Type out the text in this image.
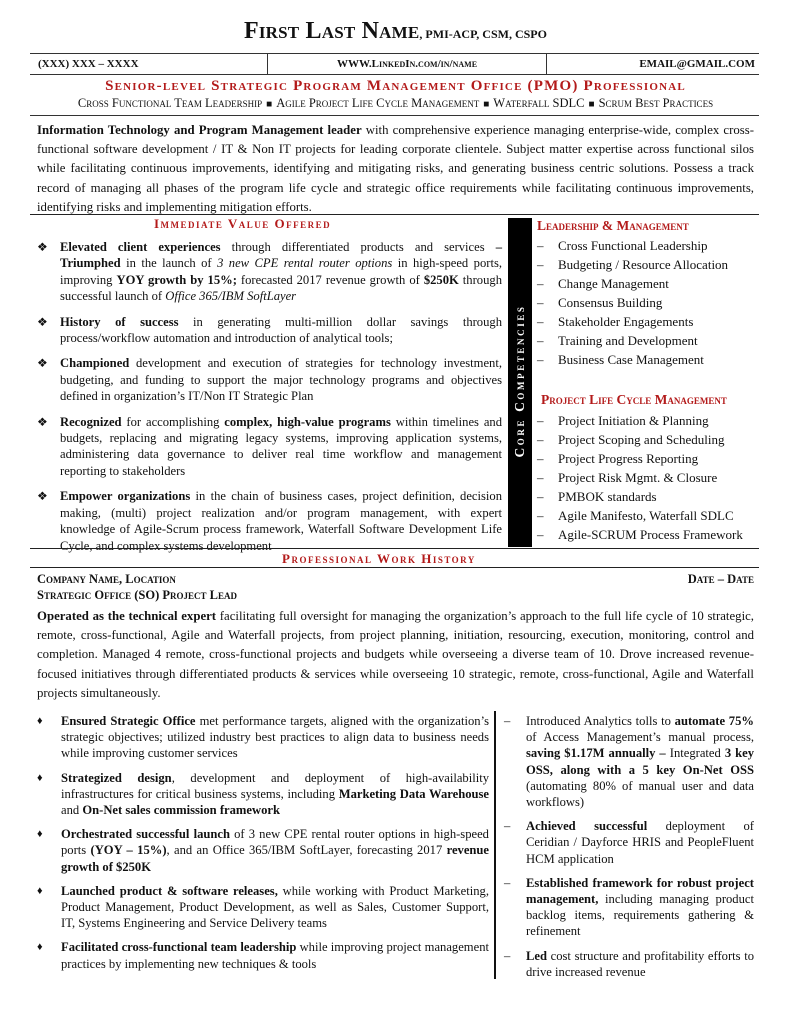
First Last Name, PMI-ACP, CSM, CSPO
(XXX) XXX – XXXX	WWW.LinkedIn.com/in/name	EMAIL@GMAIL.COM
Senior-level Strategic Program Management Office (PMO) Professional
Cross Functional Team Leadership ■ Agile Project Life Cycle Management ■ Waterfall SDLC ■ Scrum Best Practices
Information Technology and Program Management leader with comprehensive experience managing enterprise-wide, complex cross-functional software development / IT & Non IT projects for leading corporate clientele. Subject matter expertise across functional silos while facilitating continuous improvements, identifying and mitigating risks, and generating business centric solutions. Possess a track record of managing all phases of the program life cycle and strategic office requirements while facilitating continuous improvements, identifying risks and implementing mitigation efforts.
Immediate Value Offered
❖ Elevated client experiences through differentiated products and services – Triumphed in the launch of 3 new CPE rental router options in high-speed ports, improving YOY growth by 15%; forecasted 2017 revenue growth of $250K through successful launch of Office 365/IBM SoftLayer
❖ History of success in generating multi-million dollar savings through process/workflow automation and introduction of analytical tools;
❖ Championed development and execution of strategies for technology investment, budgeting, and funding to support the major technology programs and objectives defined in organization’s IT/Non IT Strategic Plan
❖ Recognized for accomplishing complex, high-value programs within timelines and budgets, replacing and migrating legacy systems, improving application systems, administering data governance to deliver real time workflow and management reporting to stakeholders
❖ Empower organizations in the chain of business cases, project definition, decision making, (multi) project realization and/or program management, with expert knowledge of Agile-Scrum process framework, Waterfall Software Development Life Cycle, and complex systems development
Core Competencies
Leadership & Management
– Cross Functional Leadership
– Budgeting / Resource Allocation
– Change Management
– Consensus Building
– Stakeholder Engagements
– Training and Development
– Business Case Management
Project Life Cycle Management
– Project Initiation & Planning
– Project Scoping and Scheduling
– Project Progress Reporting
– Project Risk Mgmt. & Closure
– PMBOK standards
– Agile Manifesto, Waterfall SDLC
– Agile-SCRUM Process Framework
Professional Work History
Company Name, Location
Strategic Office (SO) Project Lead
Date – Date
Operated as the technical expert facilitating full oversight for managing the organization’s approach to the full life cycle of 10 strategic, remote, cross-functional, Agile and Waterfall projects, from project planning, initiation, resourcing, execution, monitoring, control and completion. Managed 4 remote, cross-functional projects and budgets while overseeing a diverse team of 10. Drove increased revenue-focused initiatives through differentiated products & services while overseeing 10 strategic, remote, cross-functional, Agile and Waterfall projects simultaneously.
♦ Ensured Strategic Office met performance targets, aligned with the organization’s strategic objectives; utilized industry best practices to align data to business needs while improving customer services
♦ Strategized design, development and deployment of high-availability infrastructures for critical business systems, including Marketing Data Warehouse and On-Net sales commission framework
♦ Orchestrated successful launch of 3 new CPE rental router options in high-speed ports (YOY – 15%), and an Office 365/IBM SoftLayer, forecasting 2017 revenue growth of $250K
♦ Launched product & software releases, while working with Product Marketing, Product Management, Product Development, as well as Sales, Customer Support, IT, Systems Engineering and Service Delivery teams
♦ Facilitated cross-functional team leadership while improving project management practices by implementing new techniques & tools
– Introduced Analytics tolls to automate 75% of Access Management’s manual process, saving $1.17M annually – Integrated 3 key OSS, along with a 5 key On-Net OSS (automating 80% of manual user and data workflows)
– Achieved successful deployment of Ceridian / Dayforce HRIS and PeopleFluent HCM application
– Established framework for robust project management, including managing product backlog items, requirements gathering & refinement
– Led cost structure and profitability efforts to drive increased revenue
